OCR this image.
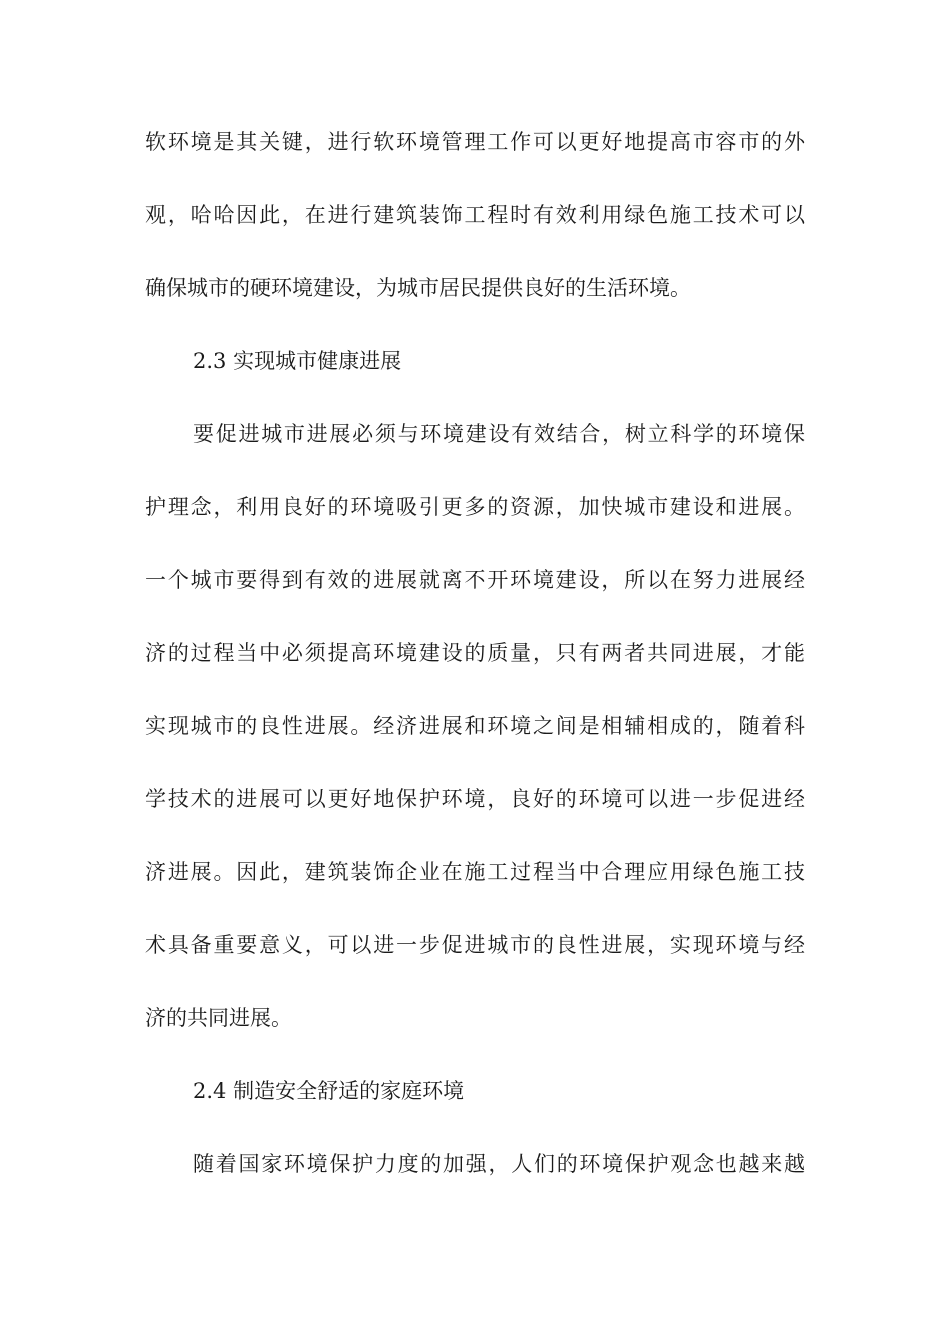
软环境是其关键，进行软环境管理工作可以更好地提高市容市的外

观，哈哈因此，在进行建筑装饰工程时有效利用绿色施工技术可以

确保城市的硬环境建设，为城市居民提供良好的生活环境。

2.3 实现城市健康进展

要促进城市进展必须与环境建设有效结合，树立科学的环境保

护理念，利用良好的环境吸引更多的资源，加快城市建设和进展。

一个城市要得到有效的进展就离不开环境建设，所以在努力进展经

济的过程当中必须提高环境建设的质量，只有两者共同进展，才能

实现城市的良性进展。经济进展和环境之间是相辅相成的，随着科

学技术的进展可以更好地保护环境，良好的环境可以进一步促进经

济进展。因此，建筑装饰企业在施工过程当中合理应用绿色施工技

术具备重要意义，可以进一步促进城市的良性进展，实现环境与经

济的共同进展。

2.4 制造安全舒适的家庭环境

随着国家环境保护力度的加强，人们的环境保护观念也越来越
